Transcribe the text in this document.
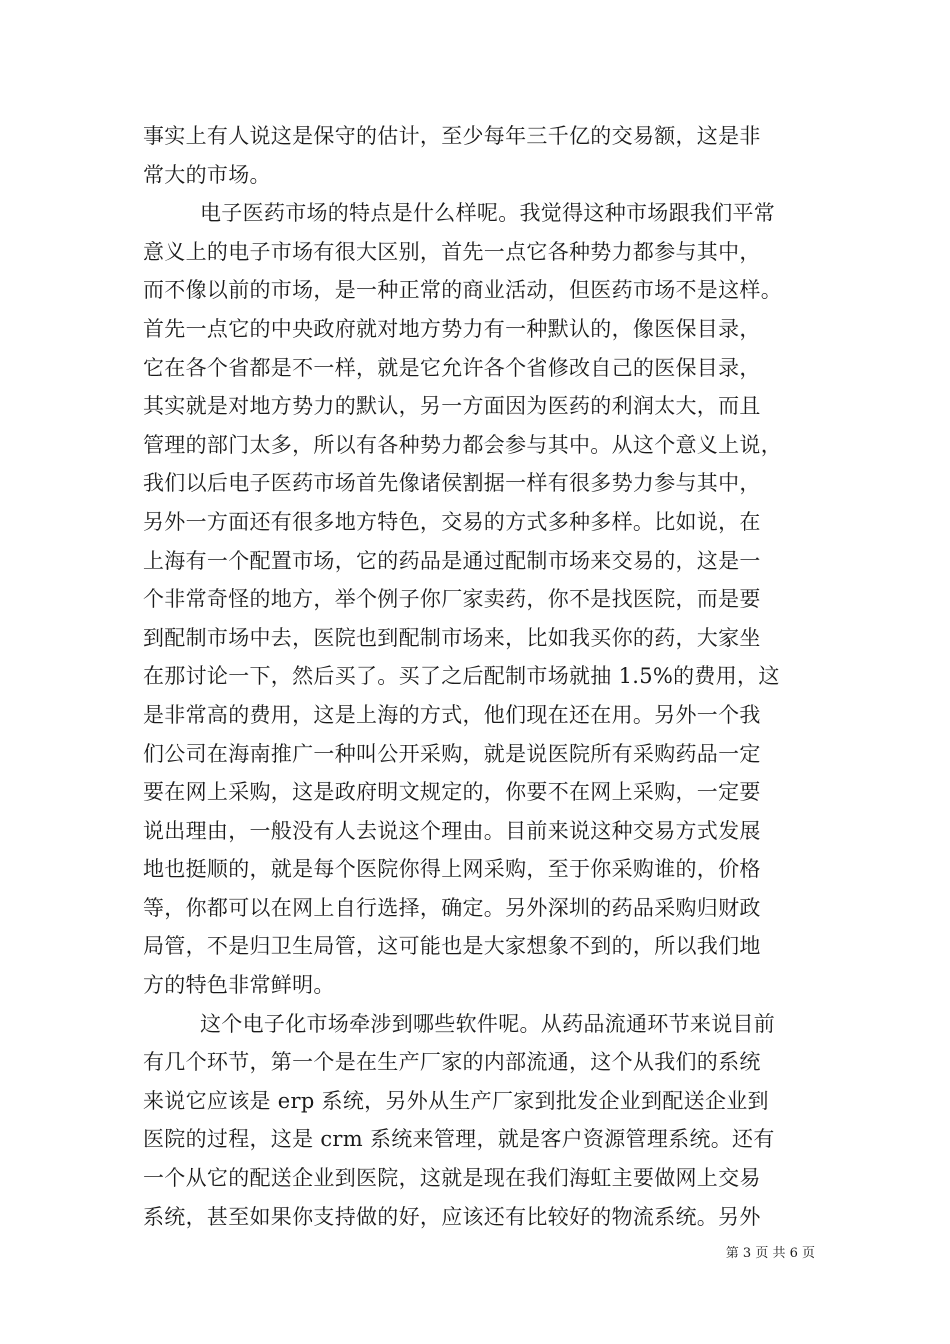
事实上有人说这是保守的估计，至少每年三千亿的交易额，这是非
常大的市场。
电子医药市场的特点是什么样呢。我觉得这种市场跟我们平常
意义上的电子市场有很大区别，首先一点它各种势力都参与其中，
而不像以前的市场，是一种正常的商业活动，但医药市场不是这样。
首先一点它的中央政府就对地方势力有一种默认的，像医保目录，
它在各个省都是不一样，就是它允许各个省修改自己的医保目录，
其实就是对地方势力的默认，另一方面因为医药的利润太大，而且
管理的部门太多，所以有各种势力都会参与其中。从这个意义上说，
我们以后电子医药市场首先像诸侯割据一样有很多势力参与其中，
另外一方面还有很多地方特色，交易的方式多种多样。比如说，在
上海有一个配置市场，它的药品是通过配制市场来交易的，这是一
个非常奇怪的地方，举个例子你厂家卖药，你不是找医院，而是要
到配制市场中去，医院也到配制市场来，比如我买你的药，大家坐
在那讨论一下，然后买了。买了之后配制市场就抽 1.5%的费用，这
是非常高的费用，这是上海的方式，他们现在还在用。另外一个我
们公司在海南推广一种叫公开采购，就是说医院所有采购药品一定
要在网上采购，这是政府明文规定的，你要不在网上采购，一定要
说出理由，一般没有人去说这个理由。目前来说这种交易方式发展
地也挺顺的，就是每个医院你得上网采购，至于你采购谁的，价格
等，你都可以在网上自行选择，确定。另外深圳的药品采购归财政
局管，不是归卫生局管，这可能也是大家想象不到的，所以我们地
方的特色非常鲜明。
这个电子化市场牵涉到哪些软件呢。从药品流通环节来说目前
有几个环节，第一个是在生产厂家的内部流通，这个从我们的系统
来说它应该是 erp 系统，另外从生产厂家到批发企业到配送企业到
医院的过程，这是 crm 系统来管理，就是客户资源管理系统。还有
一个从它的配送企业到医院，这就是现在我们海虹主要做网上交易
系统，甚至如果你支持做的好，应该还有比较好的物流系统。另外
第 3 页 共 6 页
